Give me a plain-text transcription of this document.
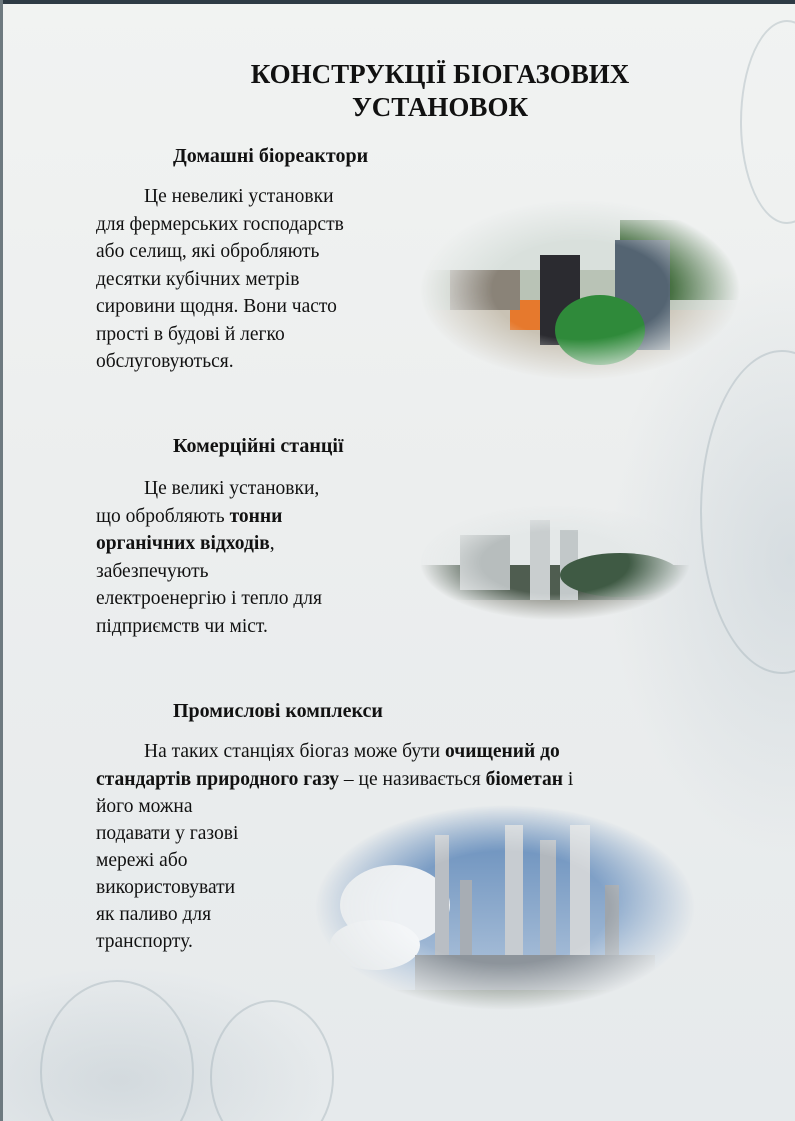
КОНСТРУКЦІЇ БІОГАЗОВИХ
УСТАНОВОК
Домашні біореактори
Це невеликі установки
для фермерських господарств
або селищ, які обробляють
десятки кубічних метрів
сировини щодня. Вони часто
прості в будові й легко
обслуговуються.
Комерційні станції
Це великі установки,
що обробляють тонни
органічних відходів,
забезпечують
електроенергію і тепло для
підприємств чи міст.
Промислові комплекси
На таких станціях біогаз може бути очищений до
стандартів природного газу – це називається біометан і
його можна
подавати у газові
мережі або
використовувати
як паливо для
транспорту.
